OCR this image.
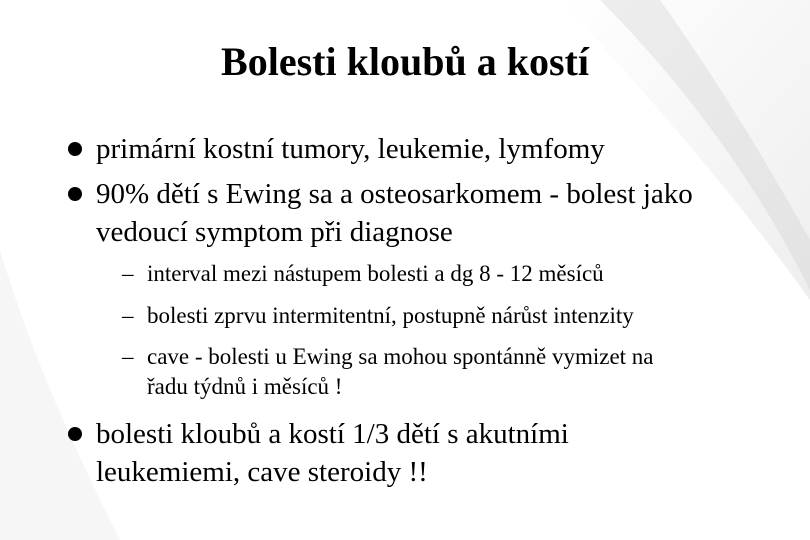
Bolesti kloubů a kostí
primární kostní tumory, leukemie, lymfomy
90% dětí s Ewing sa a osteosarkomem - bolest jako
vedoucí symptom při diagnose
– interval mezi nástupem bolesti a dg 8 - 12 měsíců
– bolesti zprvu intermitentní, postupně nárůst intenzity
– cave - bolesti u Ewing sa mohou spontánně vymizet na
řadu týdnů i měsíců !
bolesti kloubů a kostí 1/3 dětí s akutními
leukemiemi, cave steroidy !!
